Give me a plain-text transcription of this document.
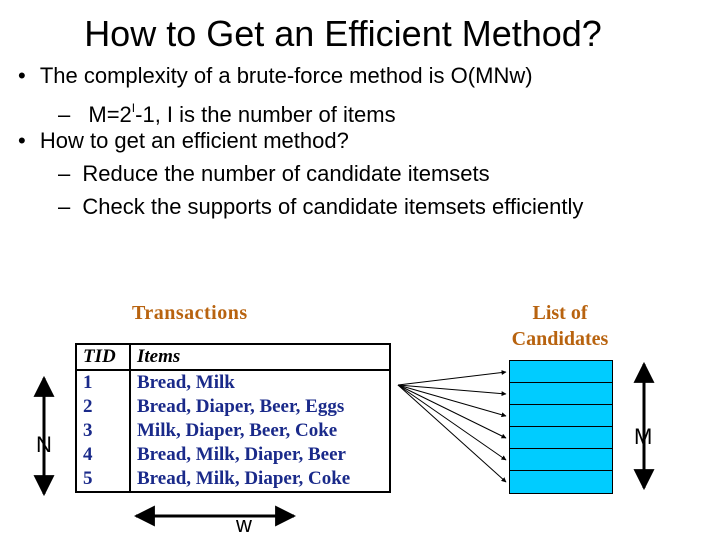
How to Get an Efficient Method?
• The complexity of a brute-force method is O(MNw)
– $M=2^I-1$, I is the number of items
• How to get an efficient method?
– Reduce the number of candidate itemsets
– Check the supports of candidate itemsets efficiently
Transactions	List of
Candidates
TID	Items
1	Bread, Milk
2	Bread, Diaper, Beer, Eggs
3	Milk, Diaper, Beer, Coke
4	Bread, Milk, Diaper, Beer
5	Bread, Milk, Diaper, Coke
N
w
M
